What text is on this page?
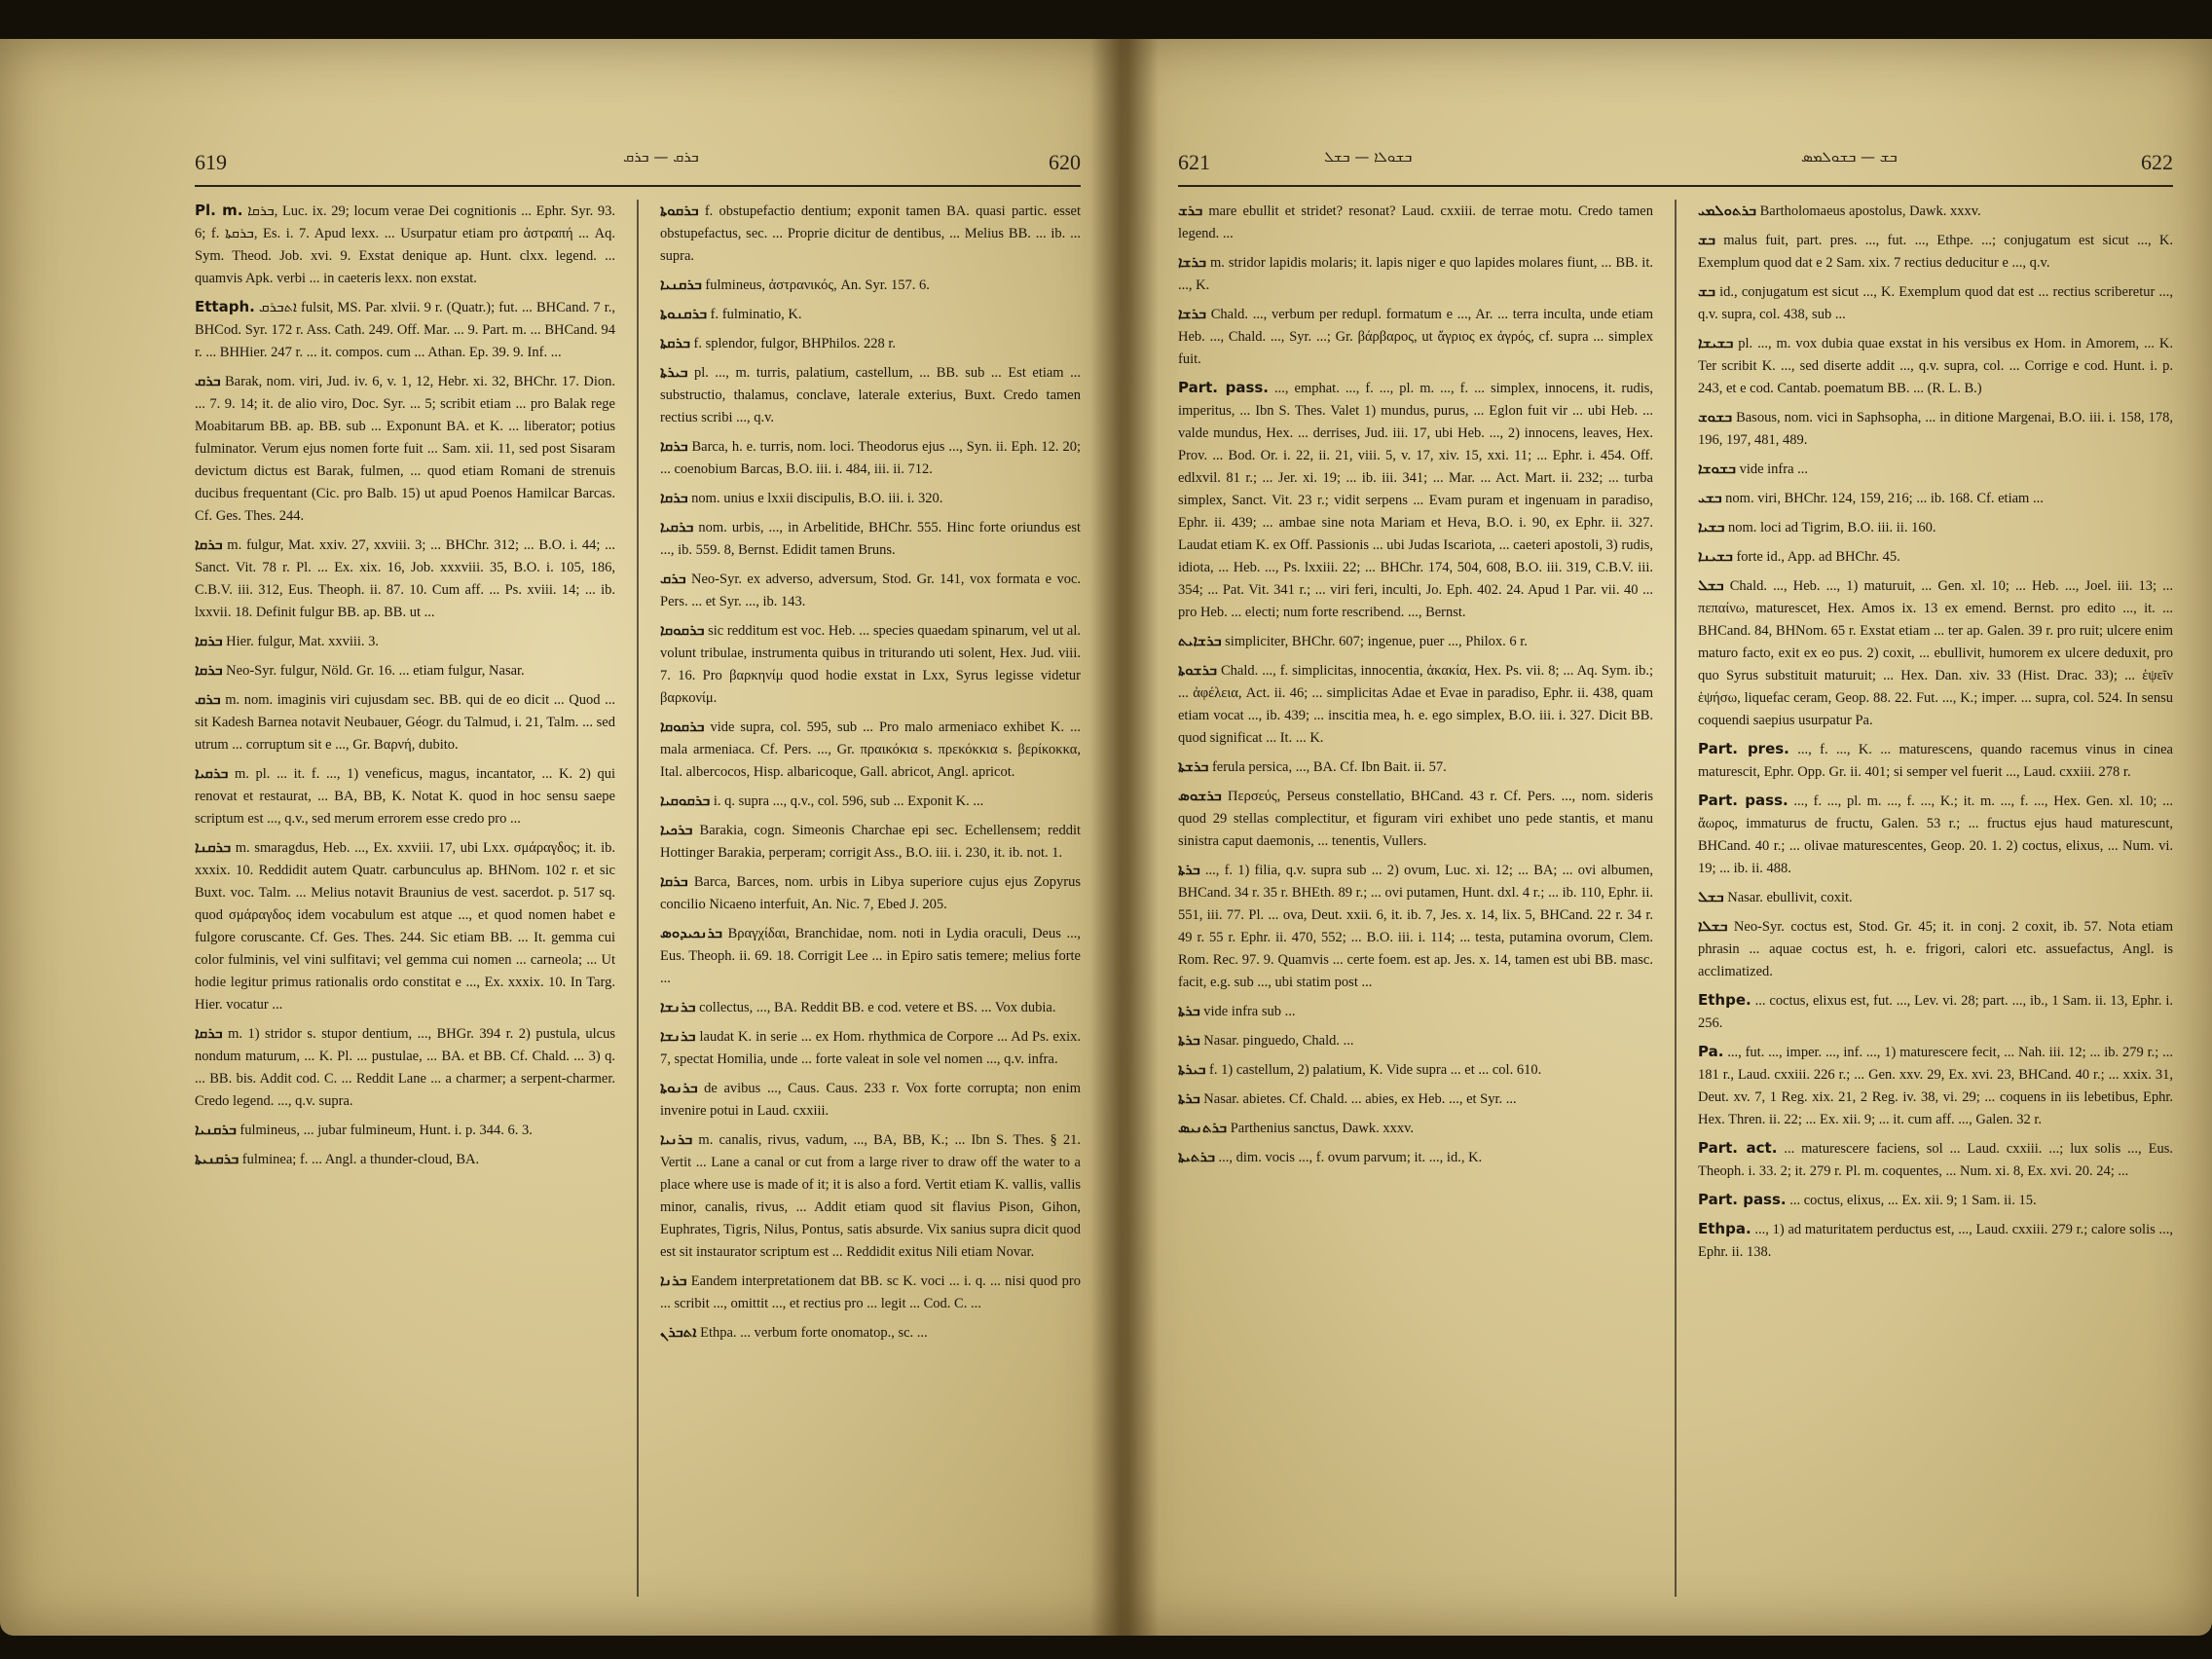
619	ܒܪܩ — ܒܪܩ	620

Pl. m. ܒܪܩܐ, Luc. ix. 29; locum verae Dei cognitionis ... Ephr. Syr. 93. 6; f. ܒܪܩܬܐ, Es. i. 7. Apud lexx. ... Usurpatur etiam pro ἀστραπή ... Aq. Sym. Theod. Job. xvi. 9. Exstat denique ap. Hunt. clxx. legend. ... quamvis Apk. verbi ... in caeteris lexx. non exstat.

Ettaph. ܐܬܒܪܩ fulsit, MS. Par. xlvii. 9 r. (Quatr.); fut. ... BHCand. 7 r., BHCod. Syr. 172 r. Ass. Cath. 249. Off. Mar. ... 9. Part. m. ... BHCand. 94 r. ... BHHier. 247 r. ... it. compos. cum ... Athan. Ep. 39. 9. Inf. ...

ܒܪܩ Barak, nom. viri, Jud. iv. 6, v. 1, 12, Hebr. xi. 32, BHChr. 17. Dion. ... 7. 9. 14; it. de alio viro, Doc. Syr. ... 5; scribit etiam ... pro Balak rege Moabitarum BB. ap. BB. sub ... Exponunt BA. et K. ... liberator; potius fulminator. Verum ejus nomen forte fuit ... Sam. xii. 11, sed post Sisaram devictum dictus est Barak, fulmen, ... quod etiam Romani de strenuis ducibus frequentant (Cic. pro Balb. 15) ut apud Poenos Hamilcar Barcas. Cf. Ges. Thes. 244.

ܒܪܩܐ m. fulgur, Mat. xxiv. 27, xxviii. 3; ... BHChr. 312; ... B.O. i. 44; ... Sanct. Vit. 78 r. Pl. ... Ex. xix. 16, Job. xxxviii. 35, B.O. i. 105, 186, C.B.V. iii. 312, Eus. Theoph. ii. 87. 10. Cum aff. ... Ps. xviii. 14; ... ib. lxxvii. 18. Definit fulgur BB. ap. BB. ut ...

ܒܪܩܐ Hier. fulgur, Mat. xxviii. 3.

ܒܪܩܐ Neo-Syr. fulgur, Nöld. Gr. 16. ... etiam fulgur, Nasar.

ܒܪܩ m. nom. imaginis viri cujusdam sec. BB. qui de eo dicit ... Quod ... sit Kadesh Barnea notavit Neubauer, Géogr. du Talmud, i. 21, Talm. ... sed utrum ... corruptum sit e ..., Gr. Βαρνή, dubito.

ܒܪܩܝܐ m. pl. ... it. f. ..., 1) veneficus, magus, incantator, ... K. 2) qui renovat et restaurat, ... BA, BB, K. Notat K. quod in hoc sensu saepe scriptum est ..., q.v., sed merum errorem esse credo pro ...

ܒܪܩܢܐ m. smaragdus, Heb. ..., Ex. xxviii. 17, ubi Lxx. σμάραγδος; it. ib. xxxix. 10. Reddidit autem Quatr. carbunculus ap. BHNom. 102 r. et sic Buxt. voc. Talm. ... Melius notavit Braunius de vest. sacerdot. p. 517 sq. quod σμάραγδος idem vocabulum est atque ..., et quod nomen habet e fulgore coruscante. Cf. Ges. Thes. 244. Sic etiam BB. ... It. gemma cui color fulminis, vel vini sulfitavi; vel gemma cui nomen ... carneola; ... Ut hodie legitur primus rationalis ordo constitat e ..., Ex. xxxix. 10. In Targ. Hier. vocatur ...

ܒܪܩܐ m. 1) stridor s. stupor dentium, ..., BHGr. 394 r. 2) pustula, ulcus nondum maturum, ... K. Pl. ... pustulae, ... BA. et BB. Cf. Chald. ... 3) q. ... BB. bis. Addit cod. C. ... Reddit Lane ... a charmer; a serpent-charmer. Credo legend. ..., q.v. supra.

ܒܪܩܢܝܐ fulmineus, ... jubar fulmineum, Hunt. i. p. 344. 6. 3.

ܒܪܩܢܝܬܐ fulminea; f. ... Angl. a thunder-cloud, BA.

ܒܪܩܘܬܐ f. obstupefactio dentium; exponit tamen BA. quasi partic. esset obstupefactus, sec. ... Proprie dicitur de dentibus, ... Melius BB. ... ib. ... supra.

ܒܪܩܢܝܐ fulmineus, ἀστρανικός, An. Syr. 157. 6.

ܒܪܩܢܘܬܐ f. fulminatio, K.

ܒܪܩܬܐ f. splendor, fulgor, BHPhilos. 228 r.

ܒܝܪܬܐ pl. ..., m. turris, palatium, castellum, ... BB. sub ... Est etiam ... substructio, thalamus, conclave, laterale exterius, Buxt. Credo tamen rectius scribi ..., q.v.

ܒܪܩܐ Barca, h. e. turris, nom. loci. Theodorus ejus ..., Syn. ii. Eph. 12. 20; ... coenobium Barcas, B.O. iii. i. 484, iii. ii. 712.

ܒܪܩܐ nom. unius e lxxii discipulis, B.O. iii. i. 320.

ܒܪܩܝܐ nom. urbis, ..., in Arbelitide, BHChr. 555. Hinc forte oriundus est ..., ib. 559. 8, Bernst. Edidit tamen Bruns.

ܒܪܩ Neo-Syr. ex adverso, adversum, Stod. Gr. 141, vox formata e voc. Pers. ... et Syr. ..., ib. 143.

ܒܪܩܘܩܐ sic redditum est voc. Heb. ... species quaedam spinarum, vel ut al. volunt tribulae, instrumenta quibus in triturando uti solent, Hex. Jud. viii. 7. 16. Pro βαρκηνίμ quod hodie exstat in Lxx, Syrus legisse videtur βαρκονίμ.

ܒܪܩܘܩܐ vide supra, col. 595, sub ... Pro malo armeniaco exhibet K. ... mala armeniaca. Cf. Pers. ..., Gr. πραικόκια s. πρεκόκκια s. βερίκοκκα, Ital. albercocos, Hisp. albaricoque, Gall. abricot, Angl. apricot.

ܒܪܩܘܩܝܐ i. q. supra ..., q.v., col. 596, sub ... Exponit K. ...

ܒܪܟܝܐ Barakia, cogn. Simeonis Charchae epi sec. Echellensem; reddit Hottinger Barakia, perperam; corrigit Ass., B.O. iii. i. 230, it. ib. not. 1.

ܒܪܩܐ Barca, Barces, nom. urbis in Libya superiore cujus ejus Zopyrus concilio Nicaeno interfuit, An. Nic. 7, Ebed J. 205.

ܒܪܢܟܝܕܘܣ Βραγχίδαι, Branchidae, nom. noti in Lydia oraculi, Deus ..., Eus. Theoph. ii. 69. 18. Corrigit Lee ... in Epiro satis temere; melius forte ...

ܒܪܢܫܐ collectus, ..., BA. Reddit BB. e cod. vetere et BS. ... Vox dubia.

ܒܪܢܫܐ laudat K. in serie ... ex Hom. rhythmica de Corpore ... Ad Ps. exix. 7, spectat Homilia, unde ... forte valeat in sole vel nomen ..., q.v. infra.

ܒܪܢܘܬܐ de avibus ..., Caus. Caus. 233 r. Vox forte corrupta; non enim invenire potui in Laud. cxxiii.

ܒܪܢܝܐ m. canalis, rivus, vadum, ..., BA, BB, K.; ... Ibn S. Thes. § 21. Vertit ... Lane a canal or cut from a large river to draw off the water to a place where use is made of it; it is also a ford. Vertit etiam K. vallis, vallis minor, canalis, rivus, ... Addit etiam quod sit flavius Pison, Gihon, Euphrates, Tigris, Nilus, Pontus, satis absurde. Vix sanius supra dicit quod est sit instaurator scriptum est ... Reddidit exitus Nili etiam Novar.

ܒܪܢܐ Eandem interpretationem dat BB. sc K. voci ... i. q. ... nisi quod pro ... scribit ..., omittit ..., et rectius pro ... legit ... Cod. C. ...

ܐܬܒܪܢ Ethpa. ... verbum forte onomatop., sc. ...

621	ܒܫܘܠܐ — ܒܫܠ	ܒܫ — ܒܫܘܠܡܣ	622

ܒܪܫ mare ebullit et stridet? resonat? Laud. cxxiii. de terrae motu. Credo tamen legend. ...

ܒܪܫܐ m. stridor lapidis molaris; it. lapis niger e quo lapides molares fiunt, ... BB. it. ..., K.

ܒܪܫܐ Chald. ..., verbum per redupl. formatum e ..., Ar. ... terra inculta, unde etiam Heb. ..., Chald. ..., Syr. ...; Gr. βάρβαρος, ut ἄγριος ex ἀγρός, cf. supra ... simplex fuit.

Part. pass. ..., emphat. ..., f. ..., pl. m. ..., f. ... simplex, innocens, it. rudis, imperitus, ... Ibn S. Thes. Valet 1) mundus, purus, ... Eglon fuit vir ... ubi Heb. ... valde mundus, Hex. ... derrises, Jud. iii. 17, ubi Heb. ..., 2) innocens, leaves, Hex. Prov. ... Bod. Or. i. 22, ii. 21, viii. 5, v. 17, xiv. 15, xxi. 11; ... Ephr. i. 454. Off. edlxvil. 81 r.; ... Jer. xi. 19; ... ib. iii. 341; ... Mar. ... Act. Mart. ii. 232; ... turba simplex, Sanct. Vit. 23 r.; vidit serpens ... Evam puram et ingenuam in paradiso, Ephr. ii. 439; ... ambae sine nota Mariam et Heva, B.O. i. 90, ex Ephr. ii. 327. Laudat etiam K. ex Off. Passionis ... ubi Judas Iscariota, ... caeteri apostoli, 3) rudis, idiota, ... Heb. ..., Ps. lxxiii. 22; ... BHChr. 174, 504, 608, B.O. iii. 319, C.B.V. iii. 354; ... Pat. Vit. 341 r.; ... viri feri, inculti, Jo. Eph. 402. 24. Apud 1 Par. vii. 40 ... pro Heb. ... electi; num forte rescribend. ..., Bernst.

ܒܪܫܐܝܬ simpliciter, BHChr. 607; ingenue, puer ..., Philox. 6 r.

ܒܪܫܘܬܐ Chald. ..., f. simplicitas, innocentia, ἀκακία, Hex. Ps. vii. 8; ... Aq. Sym. ib.; ... ἀφέλεια, Act. ii. 46; ... simplicitas Adae et Evae in paradiso, Ephr. ii. 438, quam etiam vocat ..., ib. 439; ... inscitia mea, h. e. ego simplex, B.O. iii. i. 327. Dicit BB. quod significat ... It. ... K.

ܒܪܫܬܐ ferula persica, ..., BA. Cf. Ibn Bait. ii. 57.

ܒܪܫܘܣ Περσεύς, Perseus constellatio, BHCand. 43 r. Cf. Pers. ..., nom. sideris quod 29 stellas complectitur, et figuram viri exhibet uno pede stantis, et manu sinistra caput daemonis, ... tenentis, Vullers.

ܒܪܬܐ ..., f. 1) filia, q.v. supra sub ... 2) ovum, Luc. xi. 12; ... BA; ... ovi albumen, BHCand. 34 r. 35 r. BHEth. 89 r.; ... ovi putamen, Hunt. dxl. 4 r.; ... ib. 110, Ephr. ii. 551, iii. 77. Pl. ... ova, Deut. xxii. 6, it. ib. 7, Jes. x. 14, lix. 5, BHCand. 22 r. 34 r. 49 r. 55 r. Ephr. ii. 470, 552; ... B.O. iii. i. 114; ... testa, putamina ovorum, Clem. Rom. Rec. 97. 9. Quamvis ... certe foem. est ap. Jes. x. 14, tamen est ubi BB. masc. facit, e.g. sub ..., ubi statim post ...

ܒܪܬܐ vide infra sub ...

ܒܪܬܐ Nasar. pinguedo, Chald. ...

ܒܝܪܬܐ f. 1) castellum, 2) palatium, K. Vide supra ... et ... col. 610.

ܒܪܬܐ Nasar. abietes. Cf. Chald. ... abies, ex Heb. ..., et Syr. ...

ܒܪܬܢܝܣ Parthenius sanctus, Dawk. xxxv.

ܒܪܬܝܬܐ ..., dim. vocis ..., f. ovum parvum; it. ..., id., K.

ܒܪܬܘܠܡܝ Bartholomaeus apostolus, Dawk. xxxv.

ܒܫ malus fuit, part. pres. ..., fut. ..., Ethpe. ...; conjugatum est sicut ..., K. Exemplum quod dat e 2 Sam. xix. 7 rectius deducitur e ..., q.v.

ܒܫ id., conjugatum est sicut ..., K. Exemplum quod dat est ... rectius scriberetur ..., q.v. supra, col. 438, sub ...

ܒܫܝܫܐ pl. ..., m. vox dubia quae exstat in his versibus ex Hom. in Amorem, ... K. Ter scribit K. ..., sed diserte addit ..., q.v. supra, col. ... Corrige e cod. Hunt. i. p. 243, et e cod. Cantab. poematum BB. ... (R. L. B.)

ܒܫܘܫ Basous, nom. vici in Saphsopha, ... in ditione Margenai, B.O. iii. i. 158, 178, 196, 197, 481, 489.

ܒܫܘܫܐ vide infra ...

ܒܫܝ nom. viri, BHChr. 124, 159, 216; ... ib. 168. Cf. etiam ...

ܒܫܝܐ nom. loci ad Tigrim, B.O. iii. ii. 160.

ܒܫܝܢܐ forte id., App. ad BHChr. 45.

ܒܫܠ Chald. ..., Heb. ..., 1) maturuit, ... Gen. xl. 10; ... Heb. ..., Joel. iii. 13; ... πεπαίνω, maturescet, Hex. Amos ix. 13 ex emend. Bernst. pro edito ..., it. ... BHCand. 84, BHNom. 65 r. Exstat etiam ... ter ap. Galen. 39 r. pro ruit; ulcere enim maturo facto, exit ex eo pus. 2) coxit, ... ebullivit, humorem ex ulcere deduxit, pro quo Syrus substituit maturuit; ... Hex. Dan. xiv. 33 (Hist. Drac. 33); ... ἑψεῖν ἑψήσω, liquefac ceram, Geop. 88. 22. Fut. ..., K.; imper. ... supra, col. 524. In sensu coquendi saepius usurpatur Pa.

Part. pres. ..., f. ..., K. ... maturescens, quando racemus vinus in cinea maturescit, Ephr. Opp. Gr. ii. 401; si semper vel fuerit ..., Laud. cxxiii. 278 r.

Part. pass. ..., f. ..., pl. m. ..., f. ..., K.; it. m. ..., f. ..., Hex. Gen. xl. 10; ... ἄωρος, immaturus de fructu, Galen. 53 r.; ... fructus ejus haud maturescunt, BHCand. 40 r.; ... olivae maturescentes, Geop. 20. 1. 2) coctus, elixus, ... Num. vi. 19; ... ib. ii. 488.

ܒܫܠ Nasar. ebullivit, coxit.

ܒܫܠܐ Neo-Syr. coctus est, Stod. Gr. 45; it. in conj. 2 coxit, ib. 57. Nota etiam phrasin ... aquae coctus est, h. e. frigori, calori etc. assuefactus, Angl. is acclimatized.

Ethpe. ... coctus, elixus est, fut. ..., Lev. vi. 28; part. ..., ib., 1 Sam. ii. 13, Ephr. i. 256.

Pa. ..., fut. ..., imper. ..., inf. ..., 1) maturescere fecit, ... Nah. iii. 12; ... ib. 279 r.; ... 181 r., Laud. cxxiii. 226 r.; ... Gen. xxv. 29, Ex. xvi. 23, BHCand. 40 r.; ... xxix. 31, Deut. xv. 7, 1 Reg. xix. 21, 2 Reg. iv. 38, vi. 29; ... coquens in iis lebetibus, Ephr. Hex. Thren. ii. 22; ... Ex. xii. 9; ... it. cum aff. ..., Galen. 32 r.

Part. act. ... maturescere faciens, sol ... Laud. cxxiii. ...; lux solis ..., Eus. Theoph. i. 33. 2; it. 279 r. Pl. m. coquentes, ... Num. xi. 8, Ex. xvi. 20. 24; ...

Part. pass. ... coctus, elixus, ... Ex. xii. 9; 1 Sam. ii. 15.

Ethpa. ..., 1) ad maturitatem perductus est, ..., Laud. cxxiii. 279 r.; calore solis ..., Ephr. ii. 138.
